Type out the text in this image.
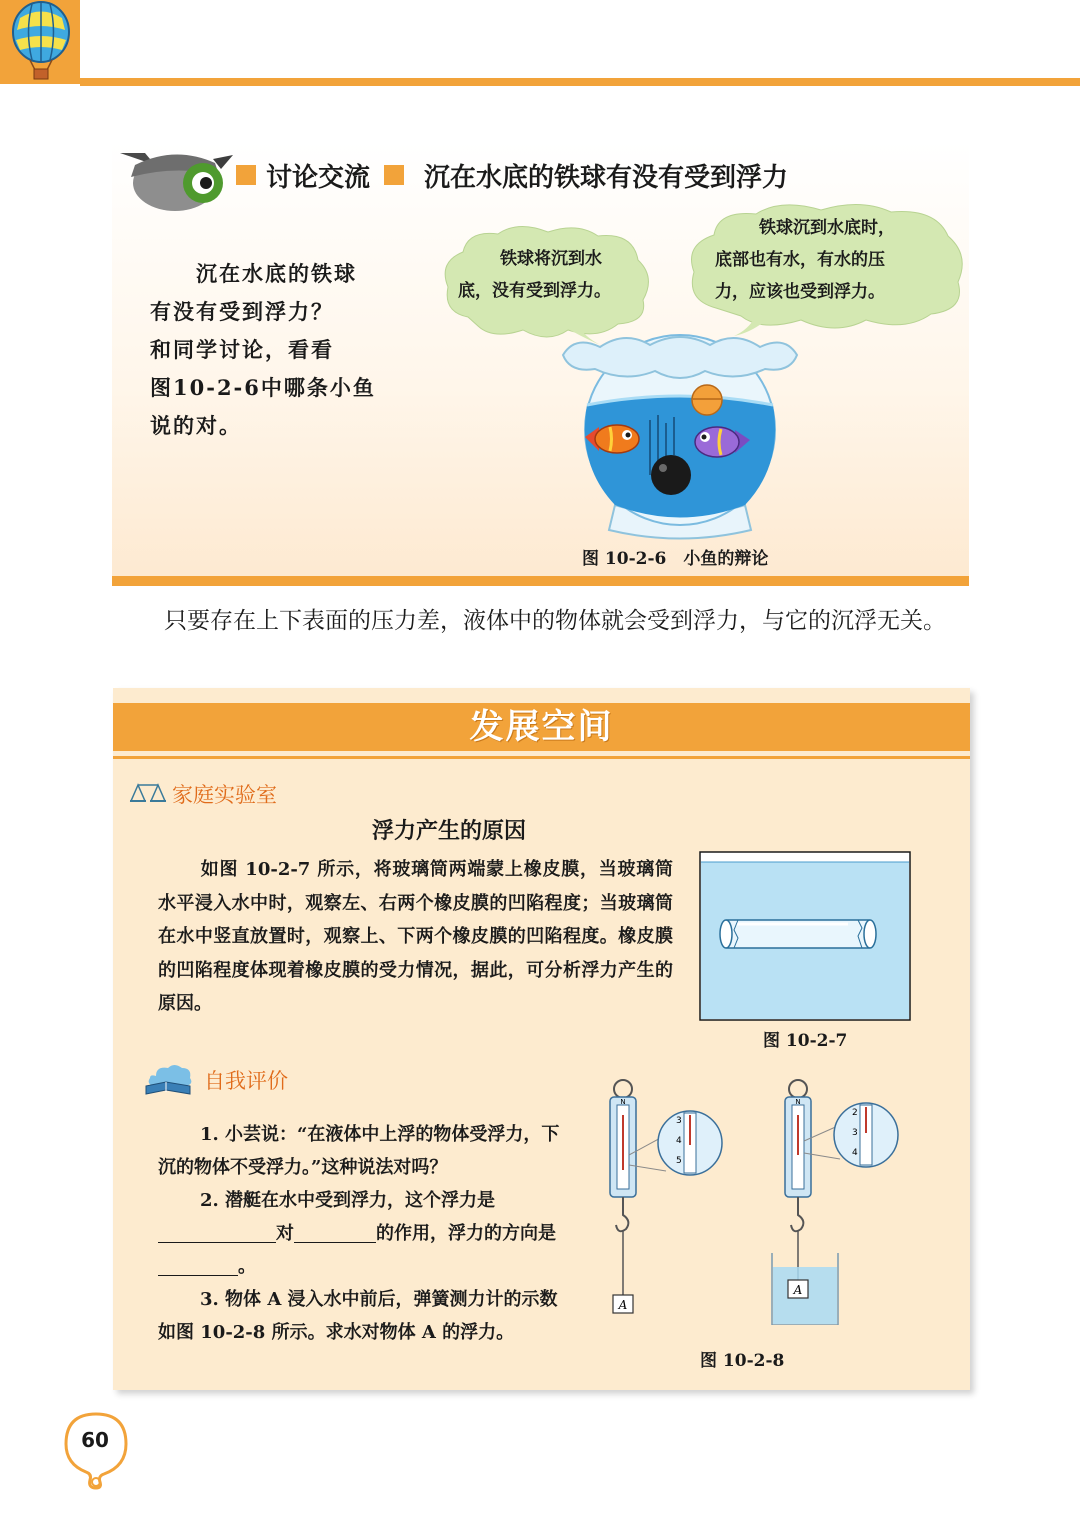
讨论交流 沉在水底的铁球有没有受到浮力
沉在水底的铁球
有没有受到浮力？
和同学讨论，看看
图10-2-6中哪条小鱼
说的对。
铁球将沉到水
底，没有受到浮力。
铁球沉到水底时，
底部也有水，有水的压
力，应该也受到浮力。
图 10-2-6　小鱼的辩论
只要存在上下表面的压力差，液体中的物体就会受到浮力，与它的沉浮无关。
发展空间
家庭实验室
浮力产生的原因
如图 10-2-7 所示，将玻璃筒两端蒙上橡皮膜，当玻璃筒水平浸入水中时，观察左、右两个橡皮膜的凹陷程度；当玻璃筒在水中竖直放置时，观察上、下两个橡皮膜的凹陷程度。橡皮膜的凹陷程度体现着橡皮膜的受力情况，据此，可分析浮力产生的原因。
图 10-2-7
自我评价

1. 小芸说：“在液体中上浮的物体受浮力，下沉的物体不受浮力。”这种说法对吗？

2. 潜艇在水中受到浮力，这个浮力是
对	的作用，浮力的方向是。

3. 物体 A 浸入水中前后，弹簧测力计的示数如图 10-2-8 所示。求水对物体 A 的浮力。

N
A
3
4
5
N
A
2
3
4
图 10-2-8
60
